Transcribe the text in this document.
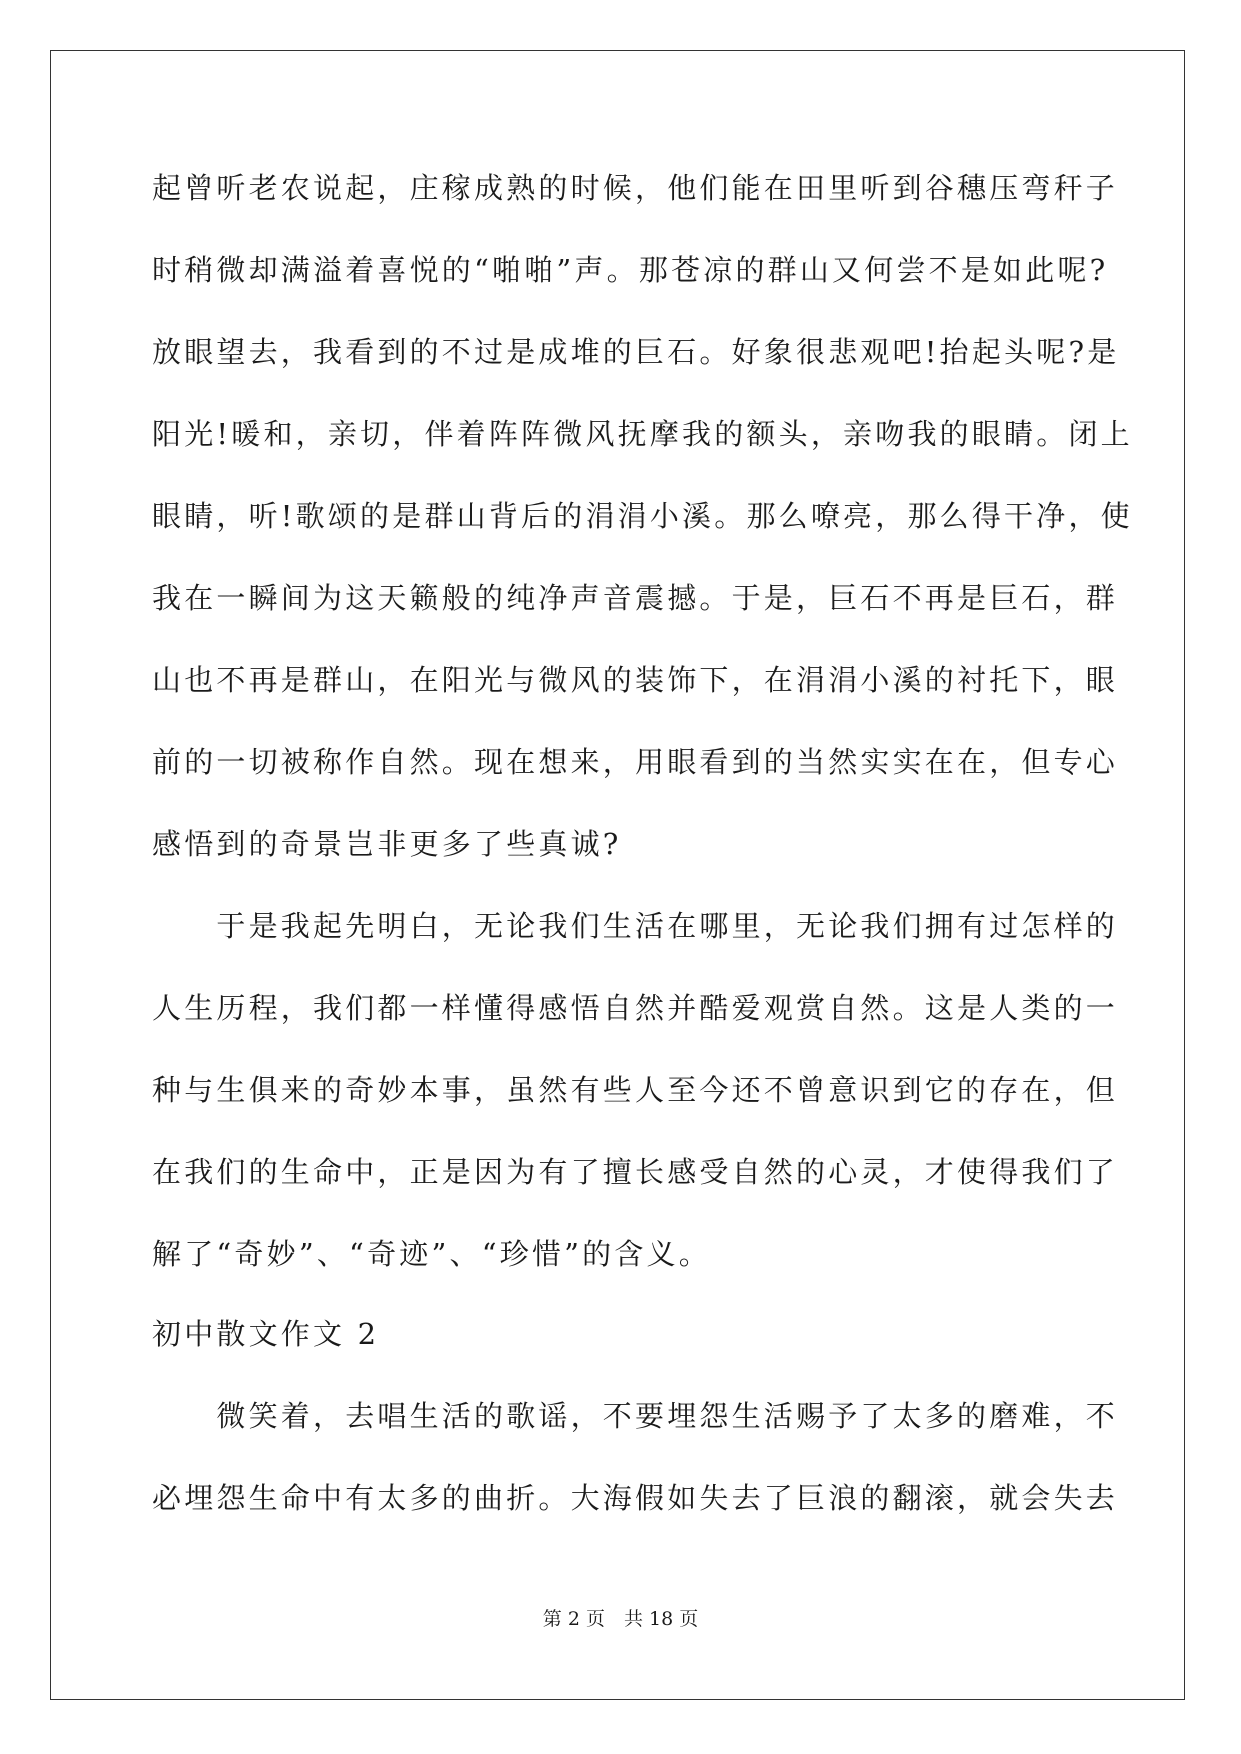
起曾听老农说起，庄稼成熟的时候，他们能在田里听到谷穗压弯秆子
时稍微却满溢着喜悦的“啪啪”声。那苍凉的群山又何尝不是如此呢?
放眼望去，我看到的不过是成堆的巨石。好象很悲观吧!抬起头呢?是
阳光!暖和，亲切，伴着阵阵微风抚摩我的额头，亲吻我的眼睛。闭上
眼睛，听!歌颂的是群山背后的涓涓小溪。那么嘹亮，那么得干净，使
我在一瞬间为这天籁般的纯净声音震撼。于是，巨石不再是巨石，群
山也不再是群山，在阳光与微风的装饰下，在涓涓小溪的衬托下，眼
前的一切被称作自然。现在想来，用眼看到的当然实实在在，但专心
感悟到的奇景岂非更多了些真诚?
　　于是我起先明白，无论我们生活在哪里，无论我们拥有过怎样的
人生历程，我们都一样懂得感悟自然并酷爱观赏自然。这是人类的一
种与生俱来的奇妙本事，虽然有些人至今还不曾意识到它的存在，但
在我们的生命中，正是因为有了擅长感受自然的心灵，才使得我们了
解了“奇妙”、“奇迹”、“珍惜”的含义。
初中散文作文 2
　　微笑着，去唱生活的歌谣，不要埋怨生活赐予了太多的磨难，不
必埋怨生命中有太多的曲折。大海假如失去了巨浪的翻滚，就会失去
第 2 页　共 18 页
